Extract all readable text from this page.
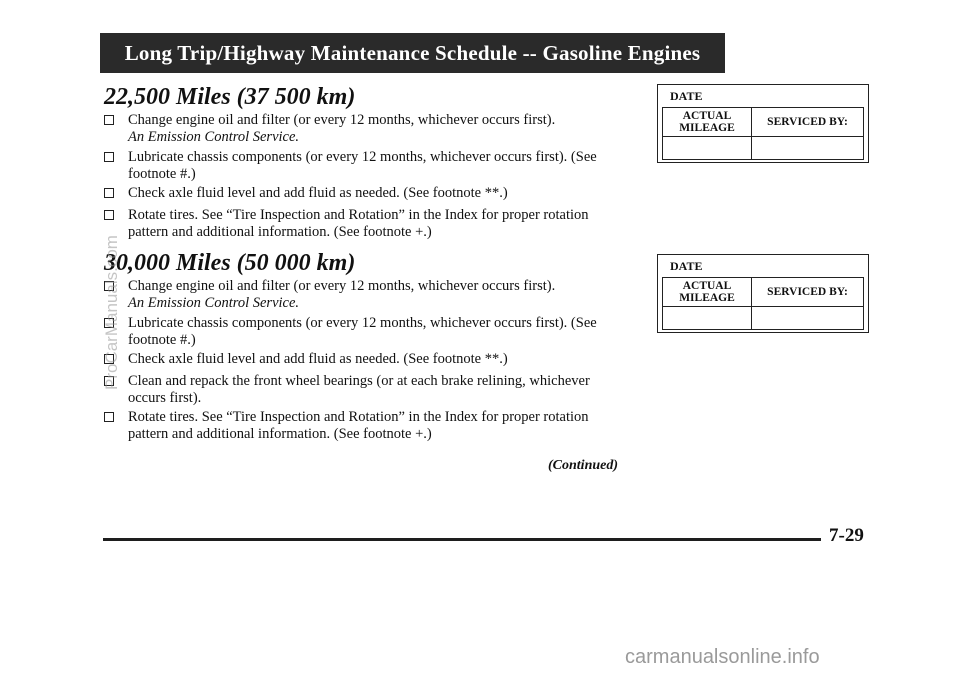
Long Trip/Highway Maintenance Schedule -- Gasoline Engines
22,500 Miles (37 500 km)
Change engine oil and filter (or every 12 months, whichever occurs first).
An Emission Control Service.
Lubricate chassis components (or every 12 months, whichever occurs first). (See footnote #.)
Check axle fluid level and add fluid as needed. (See footnote **.)
Rotate tires. See “Tire Inspection and Rotation” in the Index for proper rotation pattern and additional information. (See footnote +.)
DATE
ACTUAL MILEAGE	SERVICED BY:
30,000 Miles (50 000 km)
Change engine oil and filter (or every 12 months, whichever occurs first).
An Emission Control Service.
Lubricate chassis components (or every 12 months, whichever occurs first). (See footnote #.)
Check axle fluid level and add fluid as needed. (See footnote **.)
Clean and repack the front wheel bearings (or at each brake relining, whichever occurs first).
Rotate tires. See “Tire Inspection and Rotation” in the Index for proper rotation pattern and additional information. (See footnote +.)
DATE
ACTUAL MILEAGE	SERVICED BY:
(Continued)
7-29
ProCarManuals.com
carmanualsonline.info
